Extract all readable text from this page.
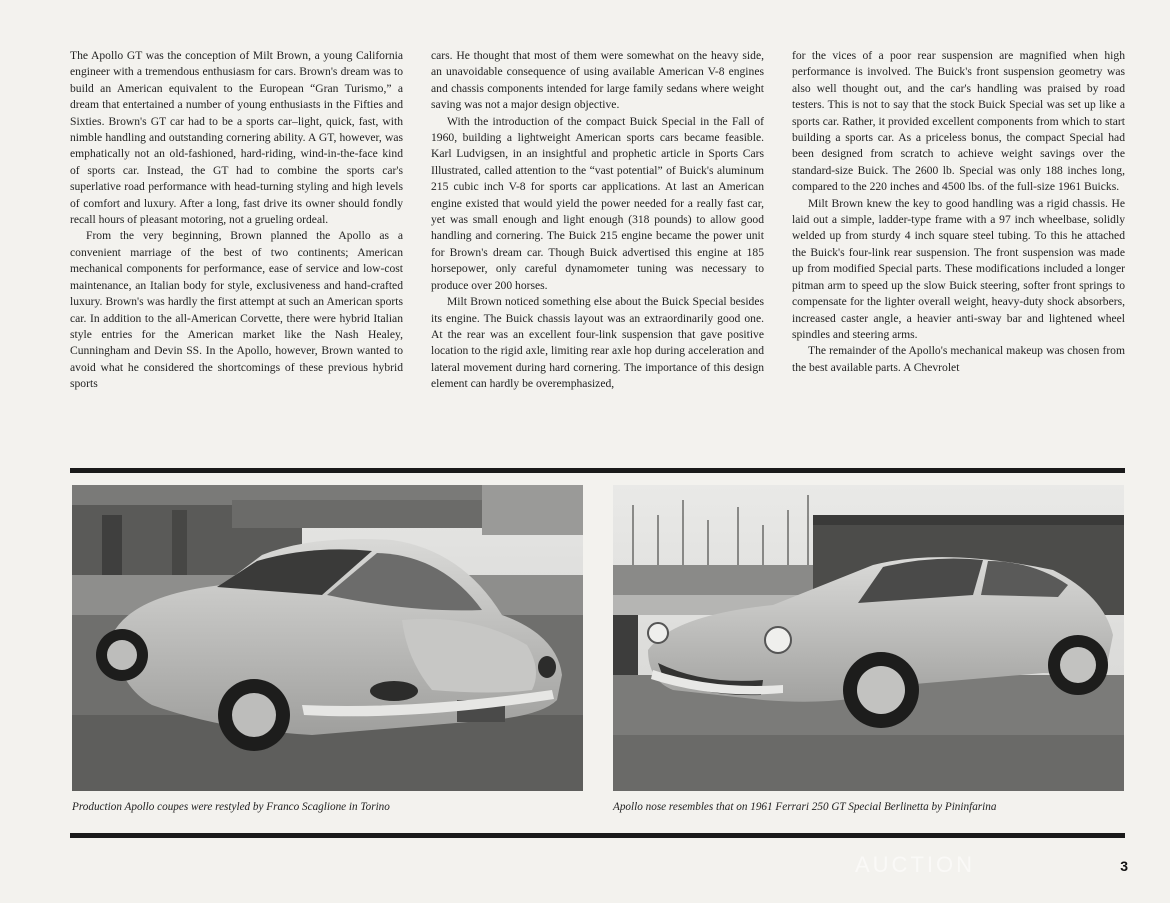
The Apollo GT was the conception of Milt Brown, a young California engineer with a tremendous enthusiasm for cars. Brown's dream was to build an American equivalent to the European “Gran Turismo,” a dream that entertained a number of young enthusiasts in the Fifties and Sixties. Brown's GT car had to be a sports car–light, quick, fast, with nimble handling and outstanding cornering ability. A GT, however, was emphatically not an old-fashioned, hard-riding, wind-in-the-face kind of sports car. Instead, the GT had to combine the sports car's superlative road performance with head-turning styling and high levels of comfort and luxury. After a long, fast drive its owner should fondly recall hours of pleasant motoring, not a grueling ordeal.

From the very beginning, Brown planned the Apollo as a convenient marriage of the best of two continents; American mechanical components for performance, ease of service and low-cost maintenance, an Italian body for style, exclusiveness and hand-crafted luxury. Brown's was hardly the first attempt at such an American sports car. In addition to the all-American Corvette, there were hybrid Italian style entries for the American market like the Nash Healey, Cunningham and Devin SS. In the Apollo, however, Brown wanted to avoid what he considered the shortcomings of these previous hybrid sports

cars. He thought that most of them were somewhat on the heavy side, an unavoidable consequence of using available American V-8 engines and chassis components intended for large family sedans where weight saving was not a major design objective.

With the introduction of the compact Buick Special in the Fall of 1960, building a lightweight American sports cars became feasible. Karl Ludvigsen, in an insightful and prophetic article in Sports Cars Illustrated, called attention to the “vast potential” of Buick's aluminum 215 cubic inch V-8 for sports car applications. At last an American engine existed that would yield the power needed for a really fast car, yet was small enough and light enough (318 pounds) to allow good handling and cornering. The Buick 215 engine became the power unit for Brown's dream car. Though Buick advertised this engine at 185 horsepower, only careful dynamometer tuning was necessary to produce over 200 horses.

Milt Brown noticed something else about the Buick Special besides its engine. The Buick chassis layout was an extraordinarily good one. At the rear was an excellent four-link suspension that gave positive location to the rigid axle, limiting rear axle hop during acceleration and lateral movement during hard cornering. The importance of this design element can hardly be overemphasized,

for the vices of a poor rear suspension are magnified when high performance is involved. The Buick's front suspension geometry was also well thought out, and the car's handling was praised by road testers. This is not to say that the stock Buick Special was set up like a sports car. Rather, it provided excellent components from which to start building a sports car. As a priceless bonus, the compact Special had been designed from scratch to achieve weight savings over the standard-size Buick. The 2600 lb. Special was only 188 inches long, compared to the 220 inches and 4500 lbs. of the full-size 1961 Buicks.

Milt Brown knew the key to good handling was a rigid chassis. He laid out a simple, ladder-type frame with a 97 inch wheelbase, solidly welded up from sturdy 4 inch square steel tubing. To this he attached the Buick's four-link rear suspension. The front suspension was made up from modified Special parts. These modifications included a longer pitman arm to speed up the slow Buick steering, softer front springs to compensate for the lighter overall weight, heavy-duty shock absorbers, increased caster angle, a heavier anti-sway bar and lightened wheel spindles and steering arms.

The remainder of the Apollo's mechanical makeup was chosen from the best available parts. A Chevrolet

Production Apollo coupes were restyled by Franco Scaglione in Torino	Apollo nose resembles that on 1961 Ferrari 250 GT Special Berlinetta by Pininfarina
AUCTION	3
